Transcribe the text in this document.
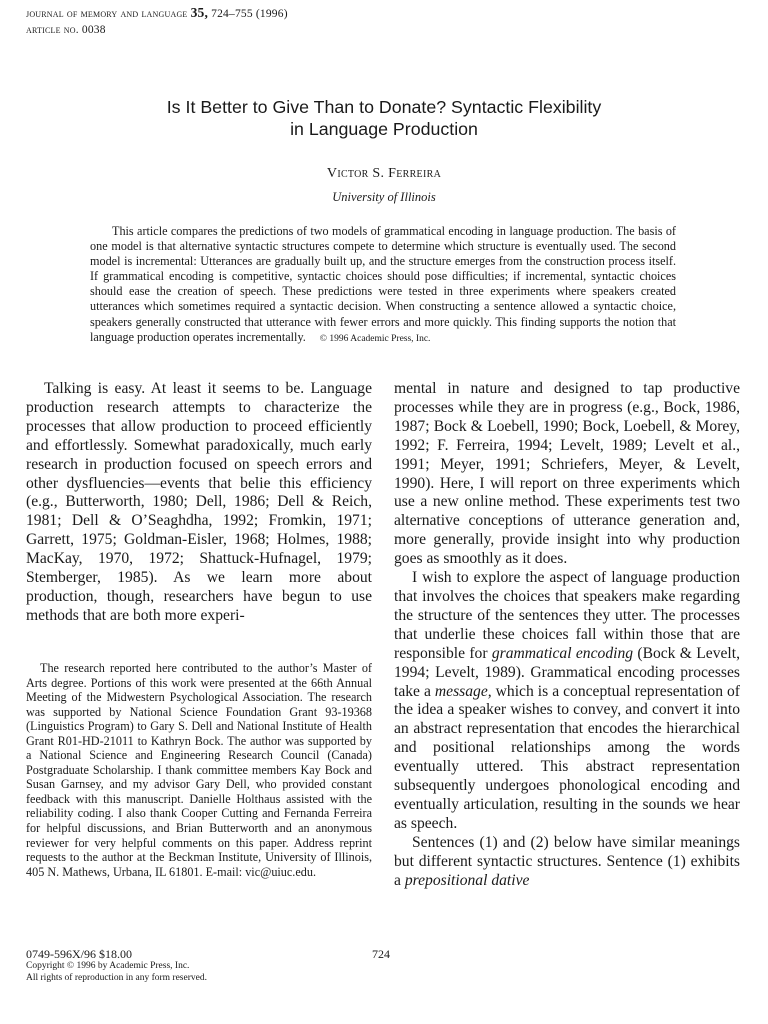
journal of memory and language 35, 724–755 (1996)
article no. 0038
Is It Better to Give Than to Donate? Syntactic Flexibility
in Language Production
Victor S. Ferreira
University of Illinois
This article compares the predictions of two models of grammatical encoding in language production. The basis of one model is that alternative syntactic structures compete to determine which structure is eventually used. The second model is incremental: Utterances are gradually built up, and the structure emerges from the construction process itself. If grammatical encoding is competitive, syntactic choices should pose difficulties; if incremental, syntactic choices should ease the creation of speech. These predictions were tested in three experiments where speakers created utterances which sometimes required a syntactic decision. When constructing a sentence allowed a syntactic choice, speakers generally constructed that utterance with fewer errors and more quickly. This finding supports the notion that language production operates incrementally. © 1996 Academic Press, Inc.

Talking is easy. At least it seems to be. Language production research attempts to characterize the processes that allow production to proceed efficiently and effortlessly. Somewhat paradoxically, much early research in production focused on speech errors and other dysfluencies—events that belie this efficiency (e.g., Butterworth, 1980; Dell, 1986; Dell & Reich, 1981; Dell & O’Seaghdha, 1992; Fromkin, 1971; Garrett, 1975; Goldman-Eisler, 1968; Holmes, 1988; MacKay, 1970, 1972; Shattuck-Hufnagel, 1979; Stemberger, 1985). As we learn more about production, though, researchers have begun to use methods that are both more experi-

mental in nature and designed to tap productive processes while they are in progress (e.g., Bock, 1986, 1987; Bock & Loebell, 1990; Bock, Loebell, & Morey, 1992; F. Ferreira, 1994; Levelt, 1989; Levelt et al., 1991; Meyer, 1991; Schriefers, Meyer, & Levelt, 1990). Here, I will report on three experiments which use a new online method. These experiments test two alternative conceptions of utterance generation and, more generally, provide insight into why production goes as smoothly as it does.

I wish to explore the aspect of language production that involves the choices that speakers make regarding the structure of the sentences they utter. The processes that underlie these choices fall within those that are responsible for grammatical encoding (Bock & Levelt, 1994; Levelt, 1989). Grammatical encoding processes take a message, which is a conceptual representation of the idea a speaker wishes to convey, and convert it into an abstract representation that encodes the hierarchical and positional relationships among the words eventually uttered. This abstract representation subsequently undergoes phonological encoding and eventually articulation, resulting in the sounds we hear as speech.

Sentences (1) and (2) below have similar meanings but different syntactic structures. Sentence (1) exhibits a prepositional dative

The research reported here contributed to the author’s Master of Arts degree. Portions of this work were presented at the 66th Annual Meeting of the Midwestern Psychological Association. The research was supported by National Science Foundation Grant 93-19368 (Linguistics Program) to Gary S. Dell and National Institute of Health Grant R01-HD-21011 to Kathryn Bock. The author was supported by a National Science and Engineering Research Council (Canada) Postgraduate Scholarship. I thank committee members Kay Bock and Susan Garnsey, and my advisor Gary Dell, who provided constant feedback with this manuscript. Danielle Holthaus assisted with the reliability coding. I also thank Cooper Cutting and Fernanda Ferreira for helpful discussions, and Brian Butterworth and an anonymous reviewer for very helpful comments on this paper. Address reprint requests to the author at the Beckman Institute, University of Illinois, 405 N. Mathews, Urbana, IL 61801. E-mail: vic@uiuc.edu.

0749-596X/96 $18.00
Copyright © 1996 by Academic Press, Inc.
All rights of reproduction in any form reserved.
724
